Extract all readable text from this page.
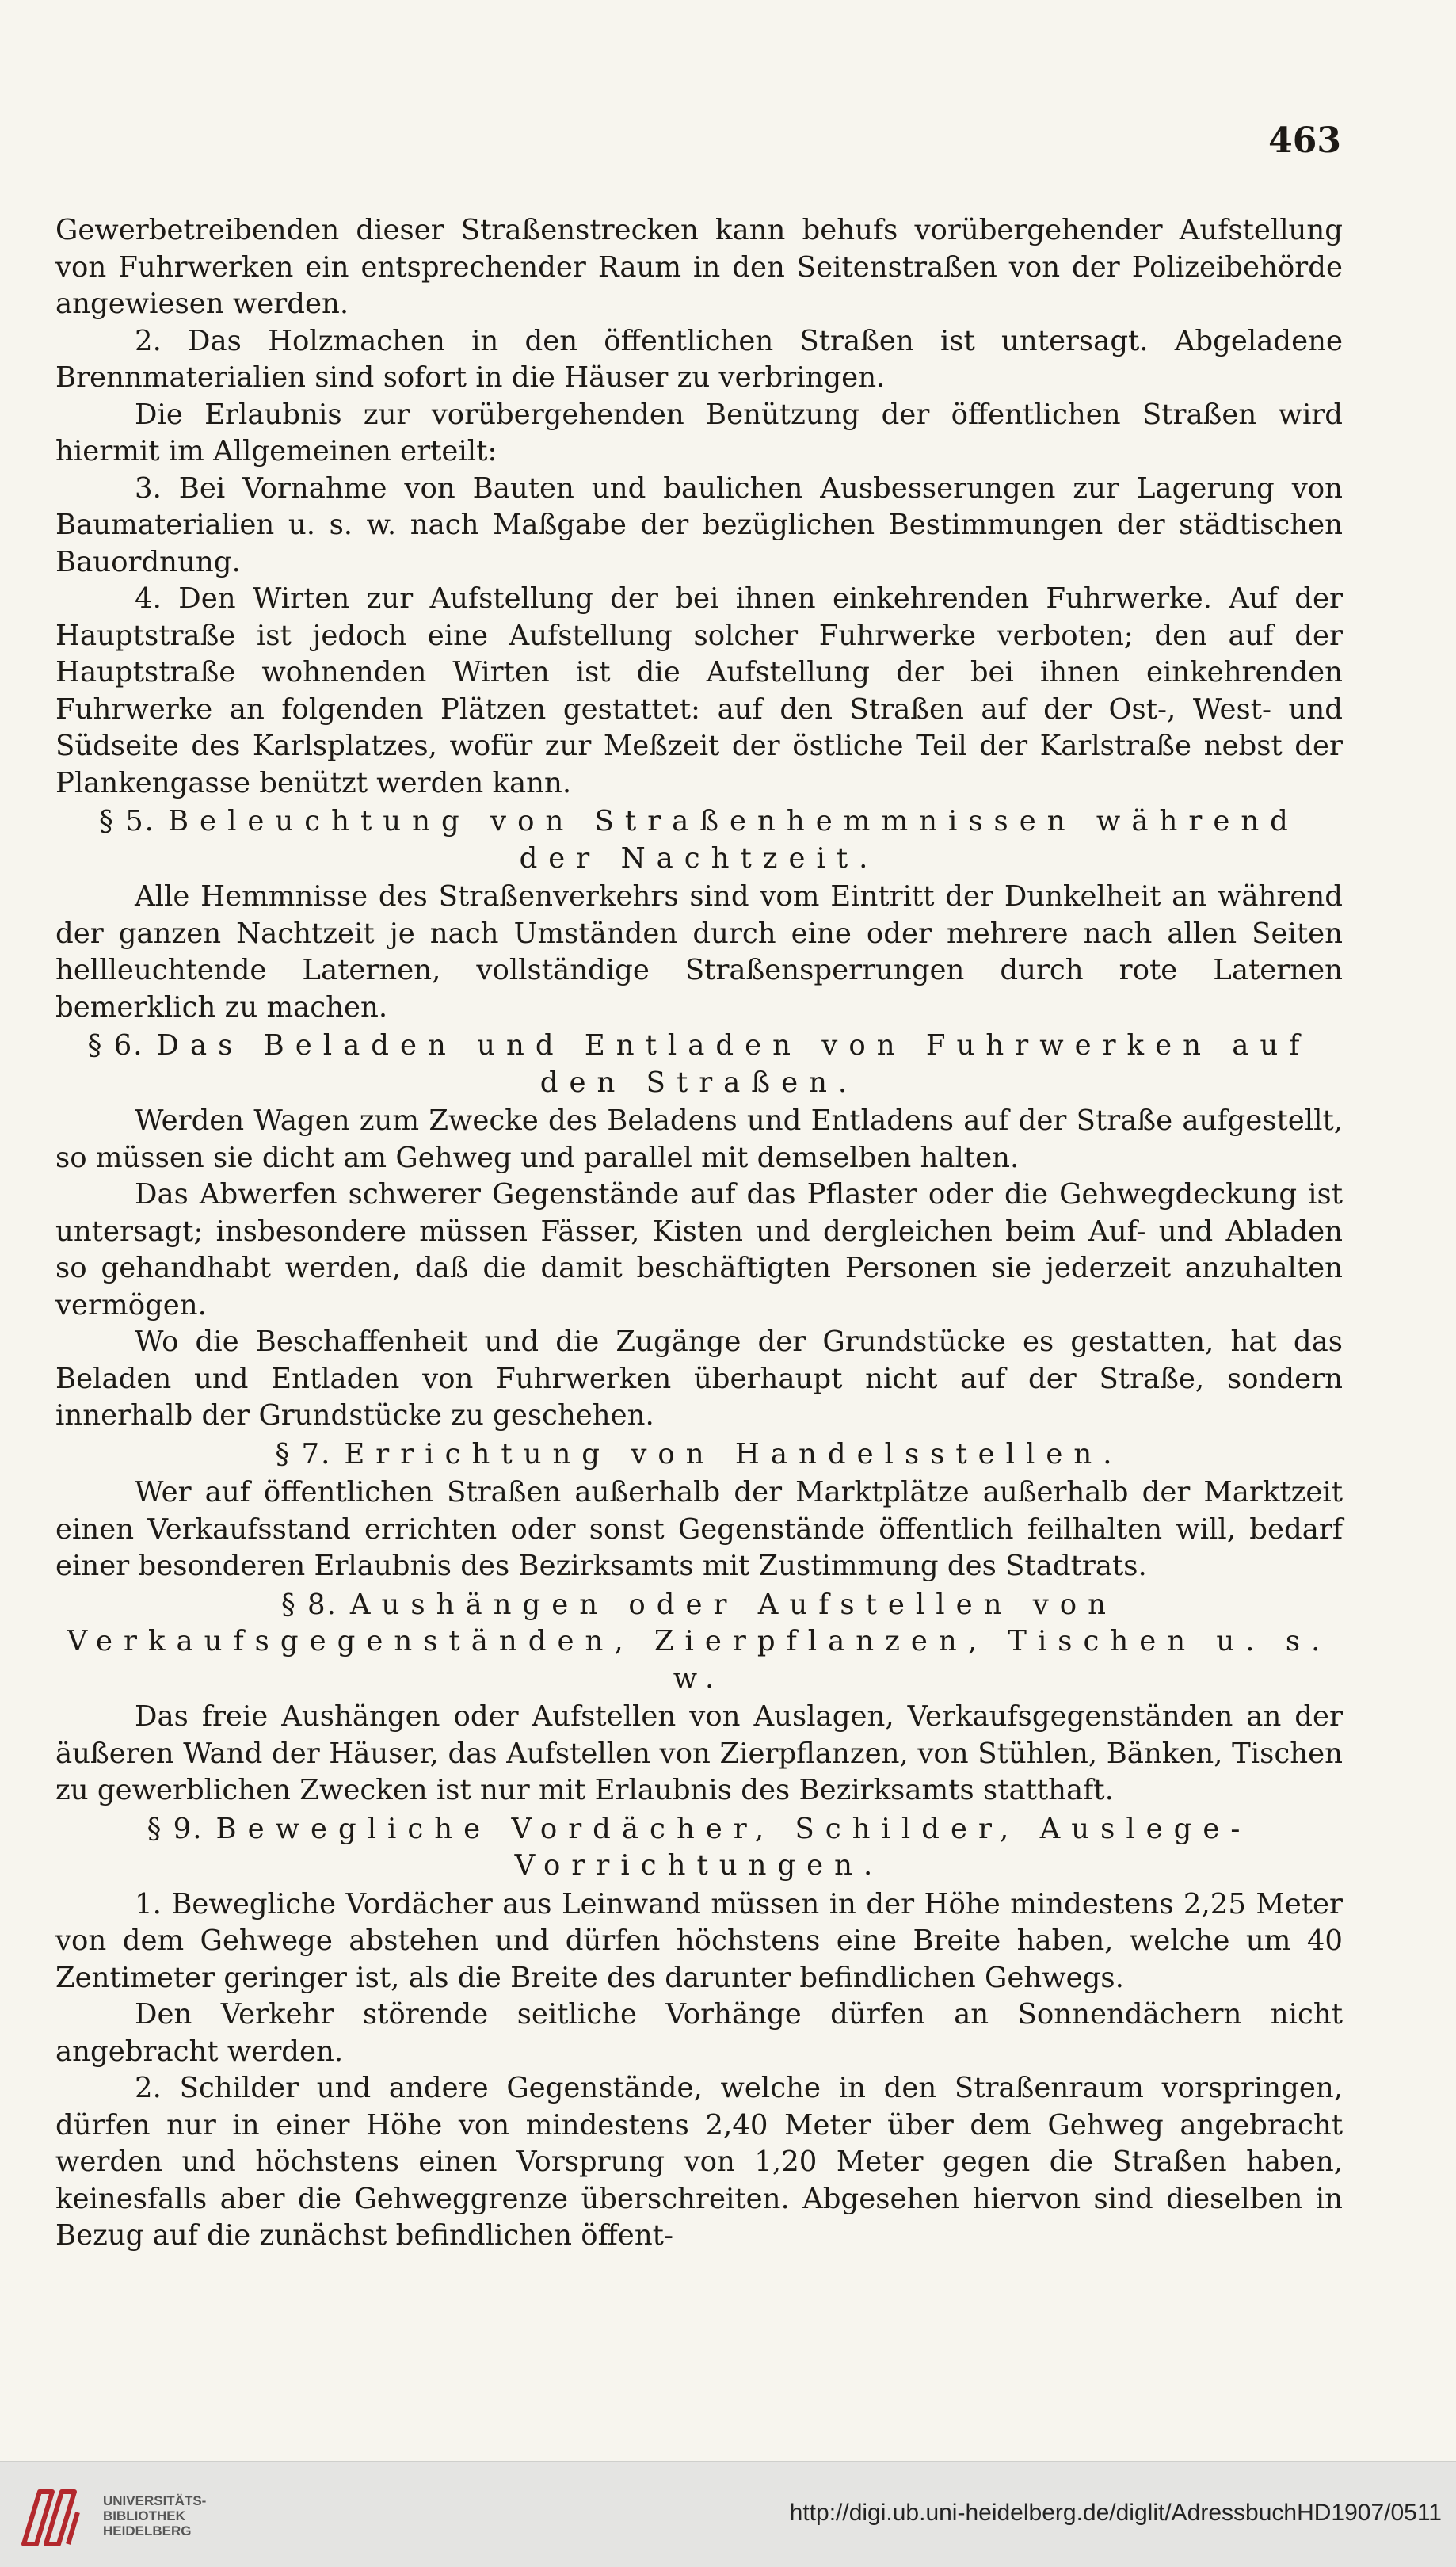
463

Gewerbetreibenden dieser Straßenstrecken kann behufs vorübergehender Aufstellung von Fuhrwerken ein entsprechender Raum in den Seitenstraßen von der Polizeibehörde angewiesen werden.

2. Das Holzmachen in den öffentlichen Straßen ist untersagt. Abgeladene Brennmaterialien sind sofort in die Häuser zu verbringen.

Die Erlaubnis zur vorübergehenden Benützung der öffentlichen Straßen wird hiermit im Allgemeinen erteilt:

3. Bei Vornahme von Bauten und baulichen Ausbesserungen zur Lagerung von Baumaterialien u. s. w. nach Maßgabe der bezüglichen Bestimmungen der städtischen Bauordnung.

4. Den Wirten zur Aufstellung der bei ihnen einkehrenden Fuhrwerke. Auf der Hauptstraße ist jedoch eine Aufstellung solcher Fuhrwerke verboten; den auf der Hauptstraße wohnenden Wirten ist die Aufstellung der bei ihnen einkehrenden Fuhrwerke an folgenden Plätzen gestattet: auf den Straßen auf der Ost-, West- und Südseite des Karlsplatzes, wofür zur Meßzeit der östliche Teil der Karlstraße nebst der Plankengasse benützt werden kann.

§ 5. Beleuchtung von Straßenhemmnissen während der Nachtzeit.

Alle Hemmnisse des Straßenverkehrs sind vom Eintritt der Dunkelheit an während der ganzen Nachtzeit je nach Umständen durch eine oder mehrere nach allen Seiten hellleuchtende Laternen, vollständige Straßensperrungen durch rote Laternen bemerklich zu machen.

§ 6. Das Beladen und Entladen von Fuhrwerken auf den Straßen.

Werden Wagen zum Zwecke des Beladens und Entladens auf der Straße aufgestellt, so müssen sie dicht am Gehweg und parallel mit demselben halten.

Das Abwerfen schwerer Gegenstände auf das Pflaster oder die Gehwegdeckung ist untersagt; insbesondere müssen Fässer, Kisten und dergleichen beim Auf- und Abladen so gehandhabt werden, daß die damit beschäftigten Personen sie jederzeit anzuhalten vermögen.

Wo die Beschaffenheit und die Zugänge der Grundstücke es gestatten, hat das Beladen und Entladen von Fuhrwerken überhaupt nicht auf der Straße, sondern innerhalb der Grundstücke zu geschehen.

§ 7. Errichtung von Handelsstellen.

Wer auf öffentlichen Straßen außerhalb der Marktplätze außerhalb der Marktzeit einen Verkaufsstand errichten oder sonst Gegenstände öffentlich feilhalten will, bedarf einer besonderen Erlaubnis des Bezirksamts mit Zustimmung des Stadtrats.

§ 8. Aushängen oder Aufstellen von Verkaufsgegenständen, Zierpflanzen, Tischen u. s. w.

Das freie Aushängen oder Aufstellen von Auslagen, Verkaufsgegenständen an der äußeren Wand der Häuser, das Aufstellen von Zierpflanzen, von Stühlen, Bänken, Tischen zu gewerblichen Zwecken ist nur mit Erlaubnis des Bezirksamts statthaft.

§ 9. Bewegliche Vordächer, Schilder, Auslege-Vorrichtungen.

1. Bewegliche Vordächer aus Leinwand müssen in der Höhe mindestens 2,25 Meter von dem Gehwege abstehen und dürfen höchstens eine Breite haben, welche um 40 Zentimeter geringer ist, als die Breite des darunter befindlichen Gehwegs.

Den Verkehr störende seitliche Vorhänge dürfen an Sonnendächern nicht angebracht werden.

2. Schilder und andere Gegenstände, welche in den Straßenraum vorspringen, dürfen nur in einer Höhe von mindestens 2,40 Meter über dem Gehweg angebracht werden und höchstens einen Vorsprung von 1,20 Meter gegen die Straßen haben, keinesfalls aber die Gehweggrenze überschreiten. Abgesehen hiervon sind dieselben in Bezug auf die zunächst befindlichen öffent-

UNIVERSITÄTS-
BIBLIOTHEK
HEIDELBERG
http://digi.ub.uni-heidelberg.de/diglit/AdressbuchHD1907/0511
